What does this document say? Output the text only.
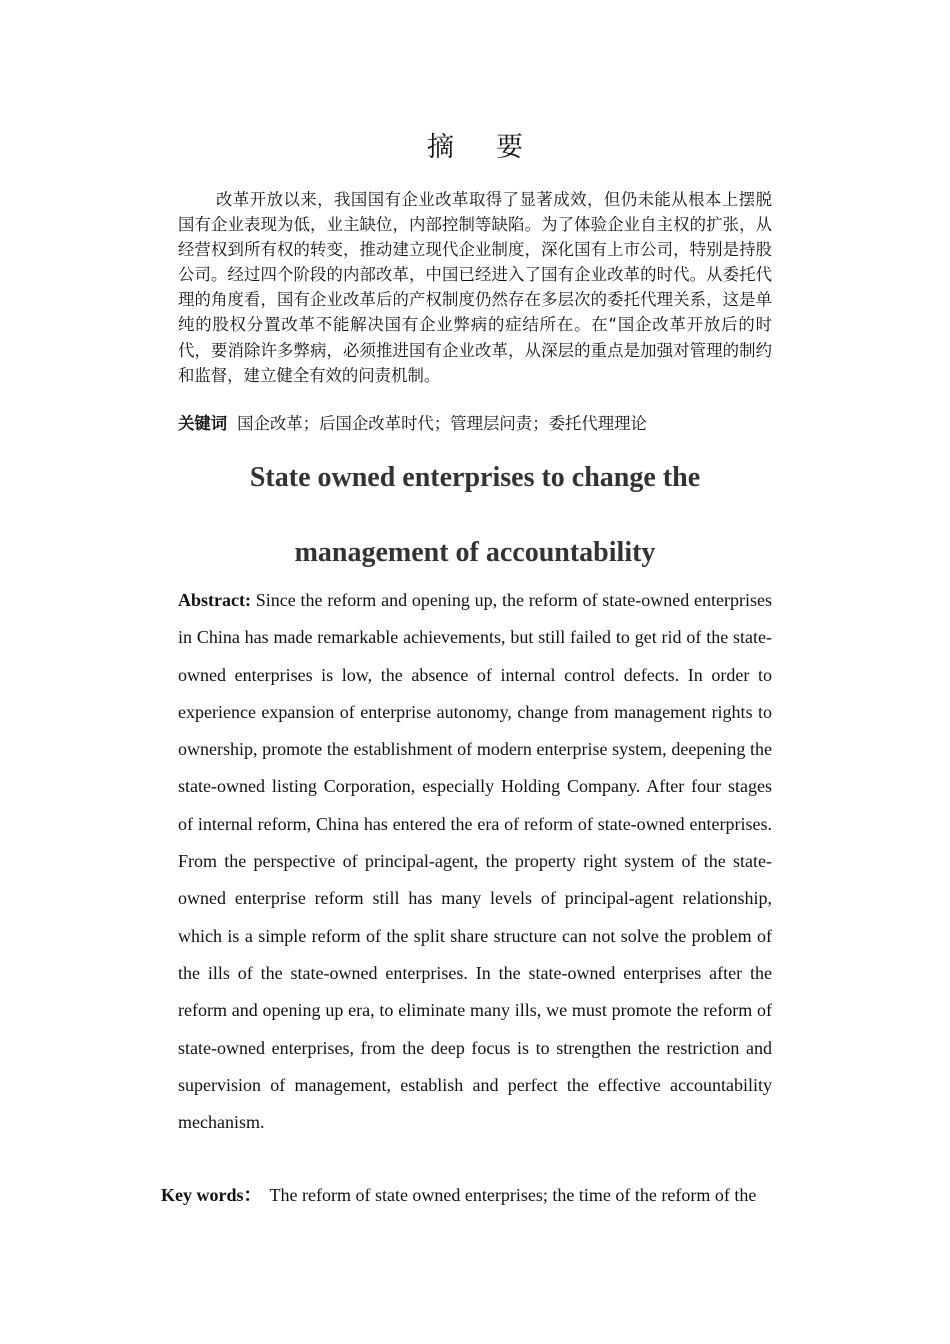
摘要

改革开放以来，我国国有企业改革取得了显著成效，但仍未能从根本上摆脱国有企业表现为低，业主缺位，内部控制等缺陷。为了体验企业自主权的扩张，从经营权到所有权的转变，推动建立现代企业制度，深化国有上市公司，特别是持股公司。经过四个阶段的内部改革，中国已经进入了国有企业改革的时代。从委托代理的角度看，国有企业改革后的产权制度仍然存在多层次的委托代理关系，这是单纯的股权分置改革不能解决国有企业弊病的症结所在。在“国企改革开放后的时代，要消除许多弊病，必须推进国有企业改革，从深层的重点是加强对管理的制约和监督，建立健全有效的问责机制。

关键词 国企改革；后国企改革时代；管理层问责；委托代理理论
State owned enterprises to change the
management of accountability

Abstract: Since the reform and opening up, the reform of state-owned enterprises in China has made remarkable achievements, but still failed to get rid of the state-owned enterprises is low, the absence of internal control defects. In order to experience expansion of enterprise autonomy, change from management rights to ownership, promote the establishment of modern enterprise system, deepening the state-owned listing Corporation, especially Holding Company. After four stages of internal reform, China has entered the era of reform of state-owned enterprises. From the perspective of principal-agent, the property right system of the state-owned enterprise reform still has many levels of principal-agent relationship, which is a simple reform of the split share structure can not solve the problem of the ills of the state-owned enterprises. In the state-owned enterprises after the reform and opening up era, to eliminate many ills, we must promote the reform of state-owned enterprises, from the deep focus is to strengthen the restriction and supervision of management, establish and perfect the effective accountability mechanism.

Key words： The reform of state owned enterprises; the time of the reform of the
